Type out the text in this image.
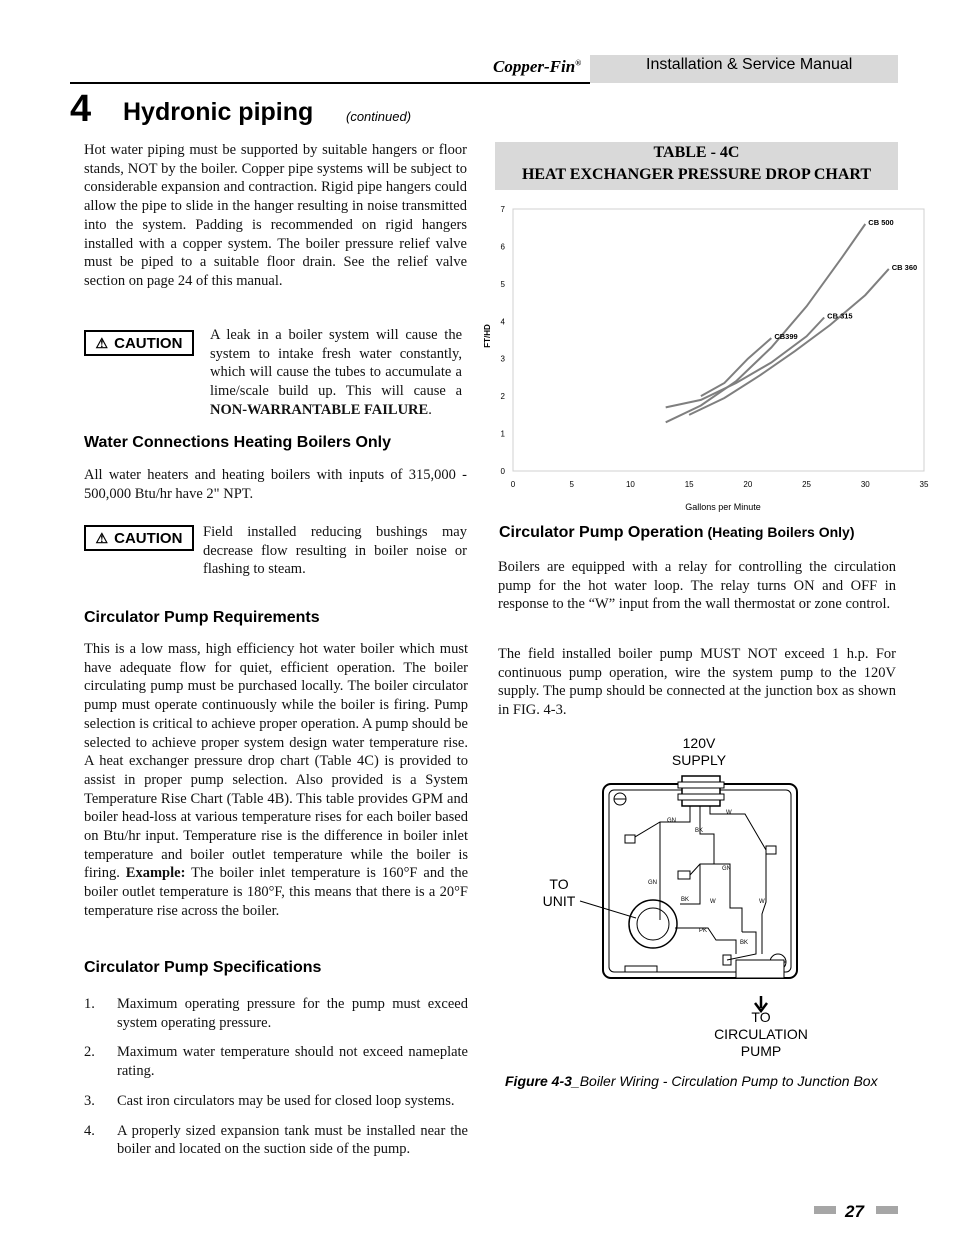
Copper-Fin®	Installation & Service Manual
4 Hydronic piping	(continued)
Hot water piping must be supported by suitable hangers or floor stands, NOT by the boiler. Copper pipe systems will be subject to considerable expansion and contraction. Rigid pipe hangers could allow the pipe to slide in the hanger resulting in noise transmitted into the system. Padding is recommended on rigid hangers installed with a copper system. The boiler pressure relief valve must be piped to a suitable floor drain. See the relief valve section on page 24 of this manual.
⚠ CAUTION A leak in a boiler system will cause the system to intake fresh water constantly, which will cause the tubes to accumulate a lime/scale build up. This will cause a NON-WARRANTABLE FAILURE.
Water Connections Heating Boilers Only
All water heaters and heating boilers with inputs of 315,000 - 500,000 Btu/hr have 2" NPT.
⚠ CAUTION Field installed reducing bushings may decrease flow resulting in boiler noise or flashing to steam.
Circulator Pump Requirements
This is a low mass, high efficiency hot water boiler which must have adequate flow for quiet, efficient operation. The boiler circulating pump must be purchased locally. The boiler circulator pump must operate continuously while the boiler is firing. Pump selection is critical to achieve proper operation. A pump should be selected to achieve proper system design water temperature rise. A heat exchanger pressure drop chart (Table 4C) is provided to assist in proper pump selection. Also provided is a System Temperature Rise Chart (Table 4B). This table provides GPM and boiler head-loss at various temperature rises for each boiler based on Btu/hr input. Temperature rise is the difference in boiler inlet temperature and boiler outlet temperature while the boiler is firing. Example: The boiler inlet temperature is 160°F and the boiler outlet temperature is 180°F, this means that there is a 20°F temperature rise across the boiler.
Circulator Pump Specifications
1. Maximum operating pressure for the pump must exceed system operating pressure.
2. Maximum water temperature should not exceed nameplate rating.
3. Cast iron circulators may be used for closed loop systems.
4. A properly sized expansion tank must be installed near the boiler and located on the suction side of the pump.
TABLE - 4C
HEAT EXCHANGER PRESSURE DROP CHART
0
1
2
3
4
5
6
7
0	5	10	15	20	25	30	35
CB 500
CB 360
CB 315
CB399
Gallons per Minute
FT/HD
Circulator Pump Operation (Heating Boilers Only)
Boilers are equipped with a relay for controlling the circulation pump for the hot water loop. The relay turns ON and OFF in response to the “W” input from the wall thermostat or zone control.
The field installed boiler pump MUST NOT exceed 1 h.p. For continuous pump operation, wire the system pump to the 120V supply. The pump should be connected at the junction box as shown in FIG. 4-3.
120V
SUPPLY
TO
UNIT
TO
CIRCULATION
PUMP
GN
BK
W
GN
GN
BK	W	W
PK
BK
Figure 4-3_Boiler Wiring - Circulation Pump to Junction Box
27
